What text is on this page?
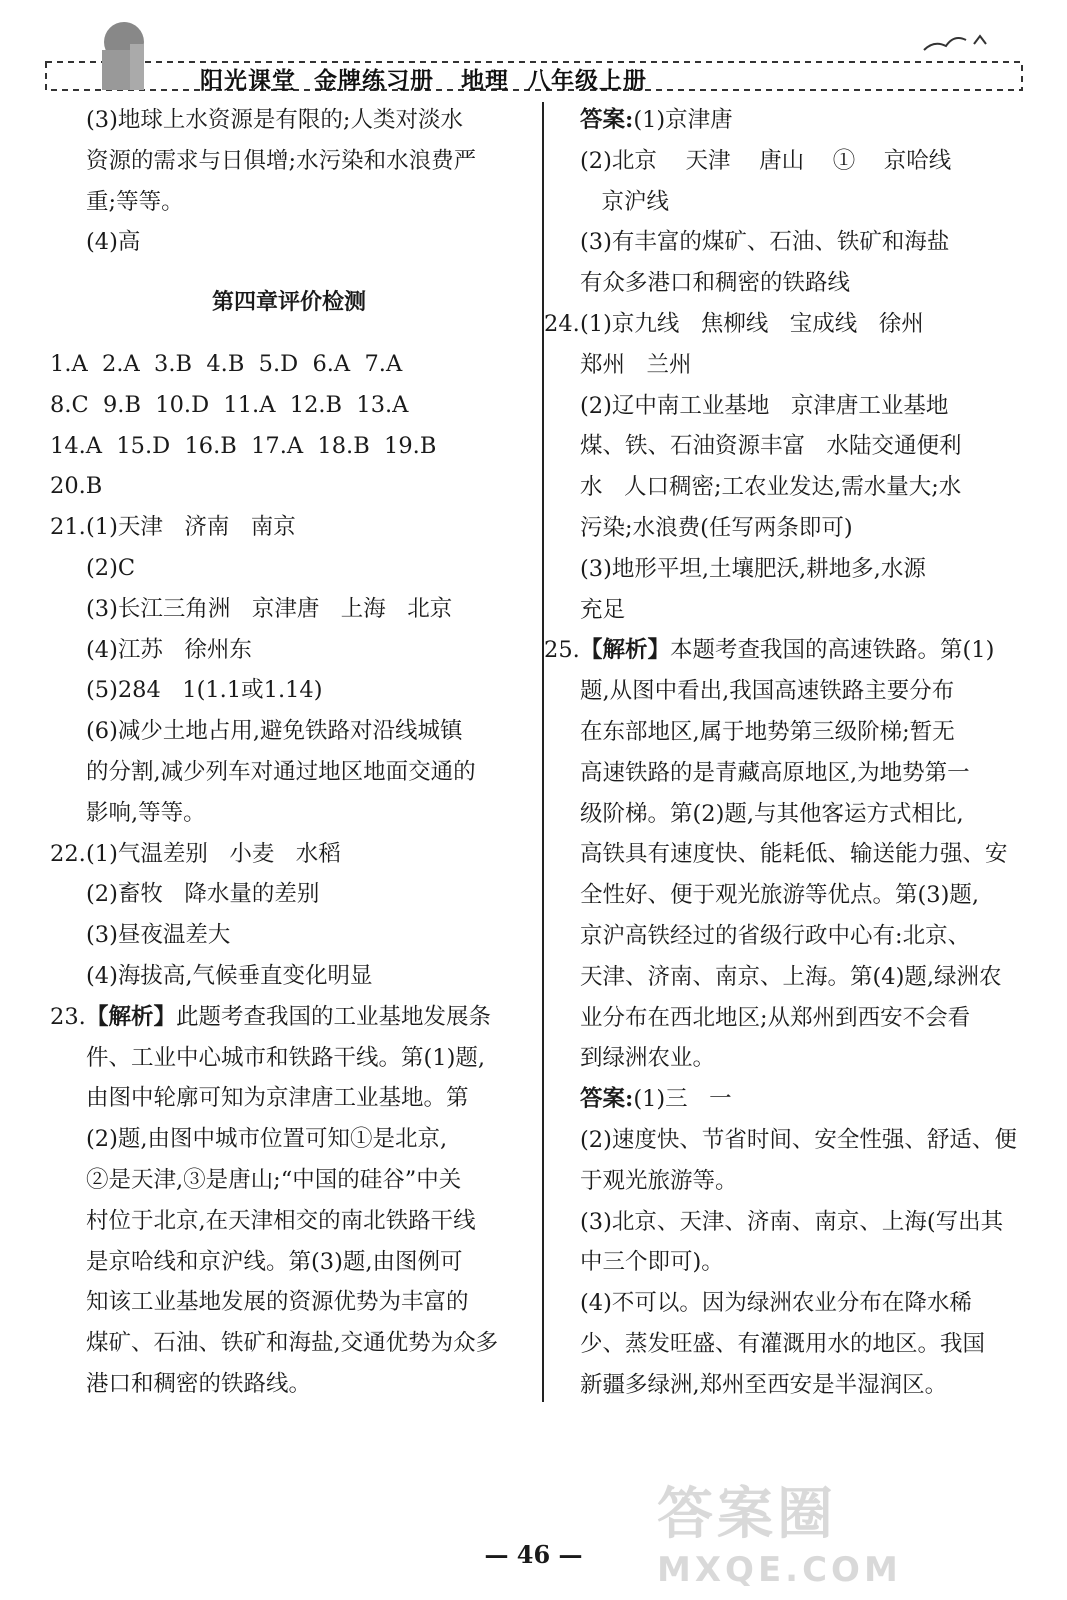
阳光课堂  金牌练习册   地理  八年级上册
(3)地球上水资源是有限的;人类对淡水
资源的需求与日俱增;水污染和水浪费严
重;等等。
(4)高
第四章评价检测
1.A  2.A  3.B  4.B  5.D  6.A  7.A
8.C  9.B  10.D  11.A  12.B  13.A
14.A  15.D  16.B  17.A  18.B  19.B
20.B
21.(1)天津   济南   南京
(2)C
(3)长江三角洲   京津唐   上海   北京
(4)江苏   徐州东
(5)284   1(1.1或1.14)
(6)减少土地占用,避免铁路对沿线城镇
的分割,减少列车对通过地区地面交通的
影响,等等。
22.(1)气温差别   小麦   水稻
(2)畜牧   降水量的差别
(3)昼夜温差大
(4)海拔高,气候垂直变化明显
23.【解析】此题考查我国的工业基地发展条
件、工业中心城市和铁路干线。第(1)题,
由图中轮廓可知为京津唐工业基地。第
(2)题,由图中城市位置可知①是北京,
②是天津,③是唐山;“中国的硅谷”中关
村位于北京,在天津相交的南北铁路干线
是京哈线和京沪线。第(3)题,由图例可
知该工业基地发展的资源优势为丰富的
煤矿、石油、铁矿和海盐,交通优势为众多
港口和稠密的铁路线。
答案:(1)京津唐
(2)北京    天津    唐山    ①    京哈线
京沪线
(3)有丰富的煤矿、石油、铁矿和海盐
有众多港口和稠密的铁路线
24.(1)京九线   焦柳线   宝成线   徐州
郑州   兰州
(2)辽中南工业基地   京津唐工业基地
煤、铁、石油资源丰富   水陆交通便利
水   人口稠密;工农业发达,需水量大;水
污染;水浪费(任写两条即可)
(3)地形平坦,土壤肥沃,耕地多,水源
充足
25.【解析】本题考查我国的高速铁路。第(1)
题,从图中看出,我国高速铁路主要分布
在东部地区,属于地势第三级阶梯;暂无
高速铁路的是青藏高原地区,为地势第一
级阶梯。第(2)题,与其他客运方式相比,
高铁具有速度快、能耗低、输送能力强、安
全性好、便于观光旅游等优点。第(3)题,
京沪高铁经过的省级行政中心有:北京、
天津、济南、南京、上海。第(4)题,绿洲农
业分布在西北地区;从郑州到西安不会看
到绿洲农业。
答案:(1)三   一
(2)速度快、节省时间、安全性强、舒适、便
于观光旅游等。
(3)北京、天津、济南、南京、上海(写出其
中三个即可)。
(4)不可以。因为绿洲农业分布在降水稀
少、蒸发旺盛、有灌溉用水的地区。我国
新疆多绿洲,郑州至西安是半湿润区。
答案圈
MXQE.COM
— 46 —
